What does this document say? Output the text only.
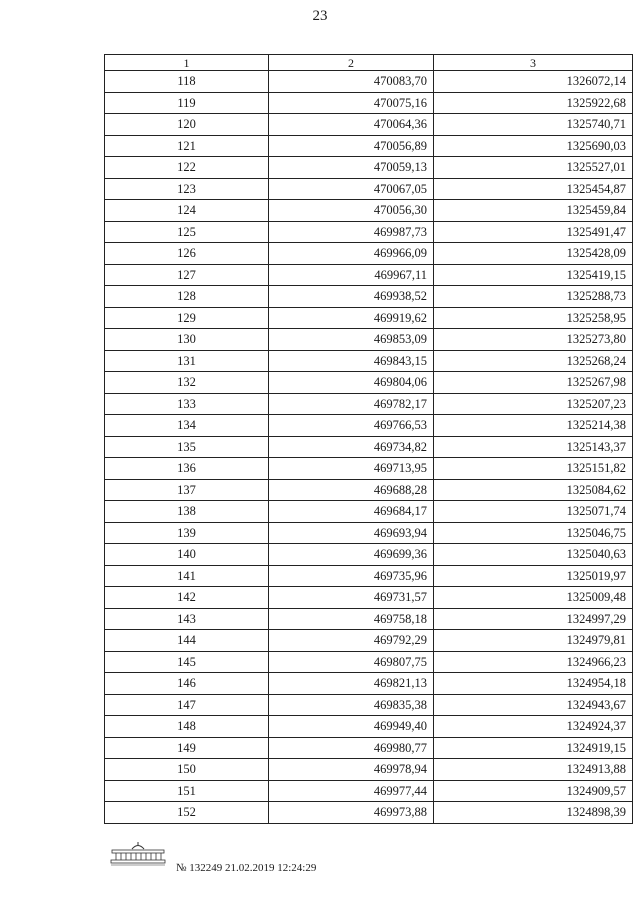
23
1	2	3
118	470083,70	1326072,14
119	470075,16	1325922,68
120	470064,36	1325740,71
121	470056,89	1325690,03
122	470059,13	1325527,01
123	470067,05	1325454,87
124	470056,30	1325459,84
125	469987,73	1325491,47
126	469966,09	1325428,09
127	469967,11	1325419,15
128	469938,52	1325288,73
129	469919,62	1325258,95
130	469853,09	1325273,80
131	469843,15	1325268,24
132	469804,06	1325267,98
133	469782,17	1325207,23
134	469766,53	1325214,38
135	469734,82	1325143,37
136	469713,95	1325151,82
137	469688,28	1325084,62
138	469684,17	1325071,74
139	469693,94	1325046,75
140	469699,36	1325040,63
141	469735,96	1325019,97
142	469731,57	1325009,48
143	469758,18	1324997,29
144	469792,29	1324979,81
145	469807,75	1324966,23
146	469821,13	1324954,18
147	469835,38	1324943,67
148	469949,40	1324924,37
149	469980,77	1324919,15
150	469978,94	1324913,88
151	469977,44	1324909,57
152	469973,88	1324898,39
№ 132249 21.02.2019 12:24:29
